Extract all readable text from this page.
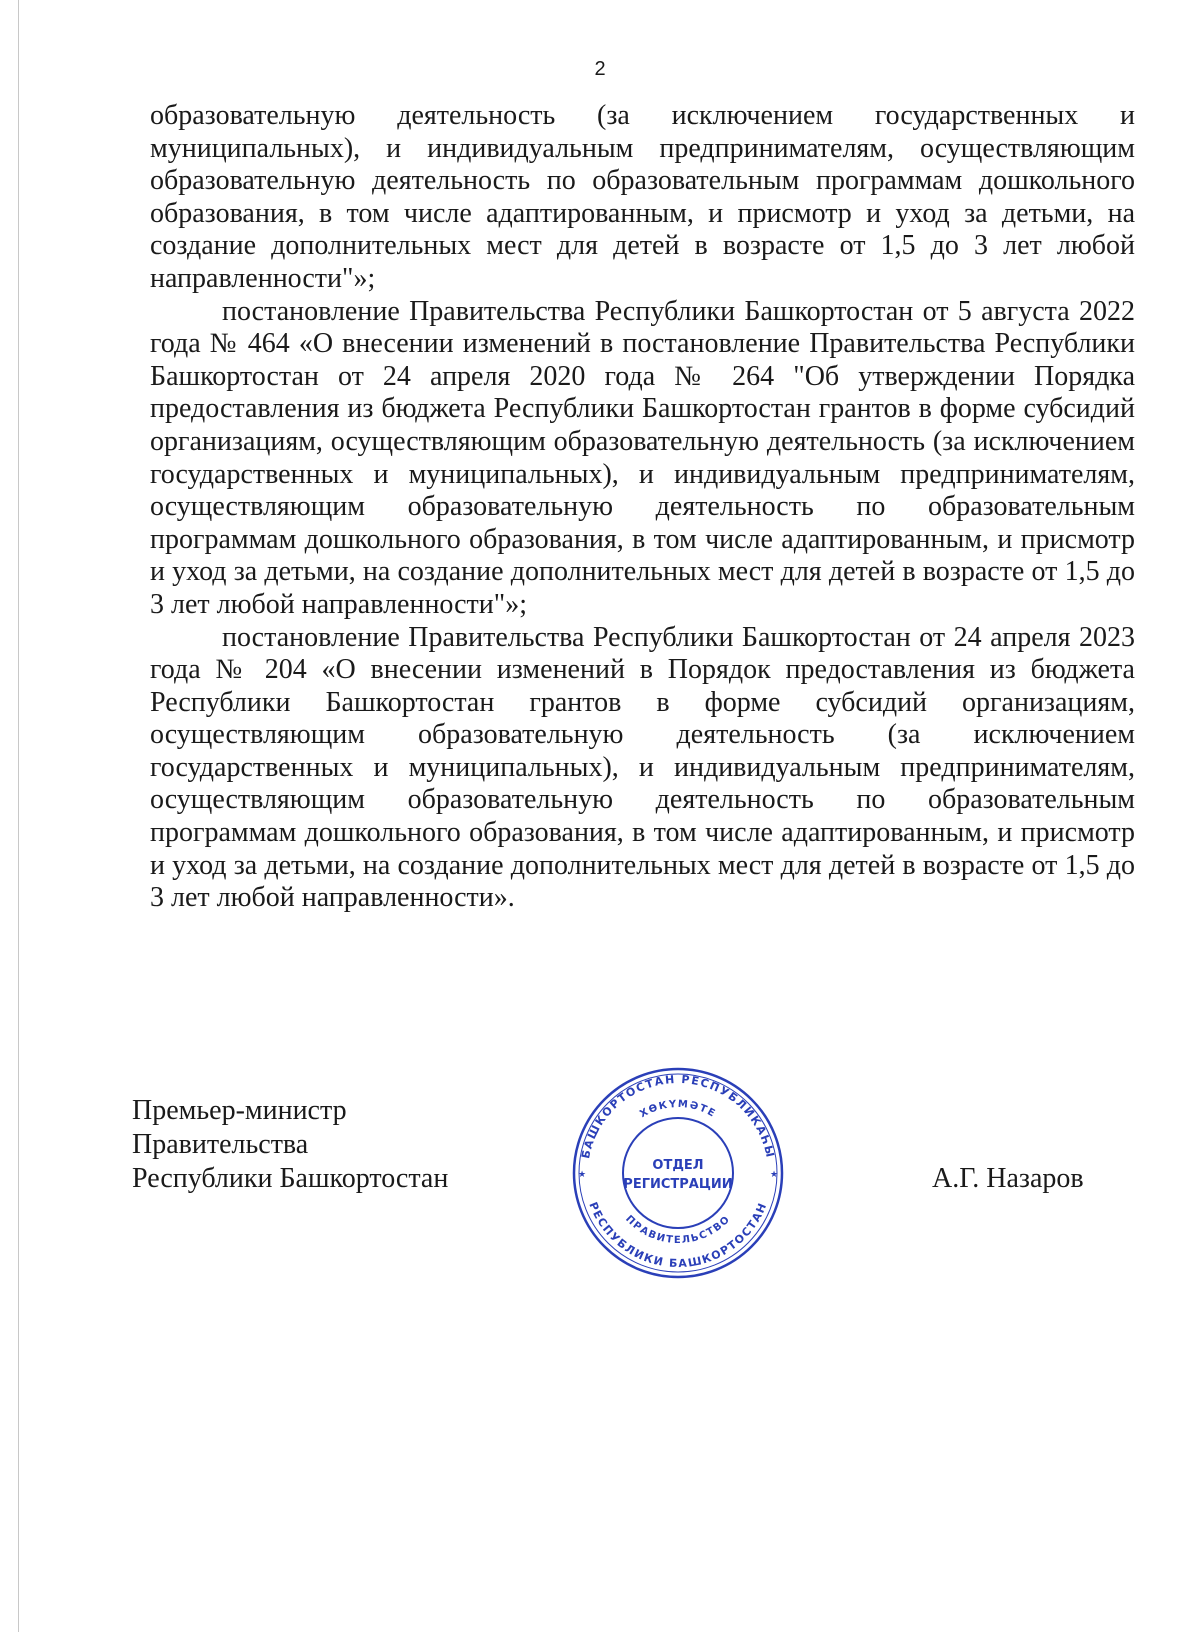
2

образовательную деятельность (за исключением государственных и муниципальных), и индивидуальным предпринимателям, осуществляющим образовательную деятельность по образовательным программам дошкольного образования, в том числе адаптированным, и присмотр и уход за детьми, на создание дополнительных мест для детей в возрасте от 1,5 до 3 лет любой направленности"»;

постановление Правительства Республики Башкортостан от 5 августа 2022 года № 464 «О внесении изменений в постановление Правительства Республики Башкортостан от 24 апреля 2020 года № 264 "Об утверждении Порядка предоставления из бюджета Республики Башкортостан грантов в форме субсидий организациям, осуществляющим образовательную деятельность (за исключением государственных и муниципальных), и индивидуальным предпринимателям, осуществляющим образовательную деятельность по образовательным программам дошкольного образования, в том числе адаптированным, и присмотр и уход за детьми, на создание дополнительных мест для детей в возрасте от 1,5 до 3 лет любой направленности"»;

постановление Правительства Республики Башкортостан от 24 апреля 2023 года № 204 «О внесении изменений в Порядок предоставления из бюджета Республики Башкортостан грантов в форме субсидий организациям, осуществляющим образовательную деятельность (за исключением государственных и муниципальных), и индивидуальным предпринимателям, осуществляющим образовательную деятельность по образовательным программам дошкольного образования, в том числе адаптированным, и присмотр и уход за детьми, на создание дополнительных мест для детей в возрасте от 1,5 до 3 лет любой направленности».

Премьер-министр
Правительства
Республики Башкортостан
БАШКОРТОСТАН РЕСПУБЛИКАҺЫ
ХӨКҮМӘТЕ
ПРАВИТЕЛЬСТВО
РЕСПУБЛИКИ БАШКОРТОСТАН
ОТДЕЛ
РЕГИСТРАЦИИ
★	★	А.Г. Назаров
